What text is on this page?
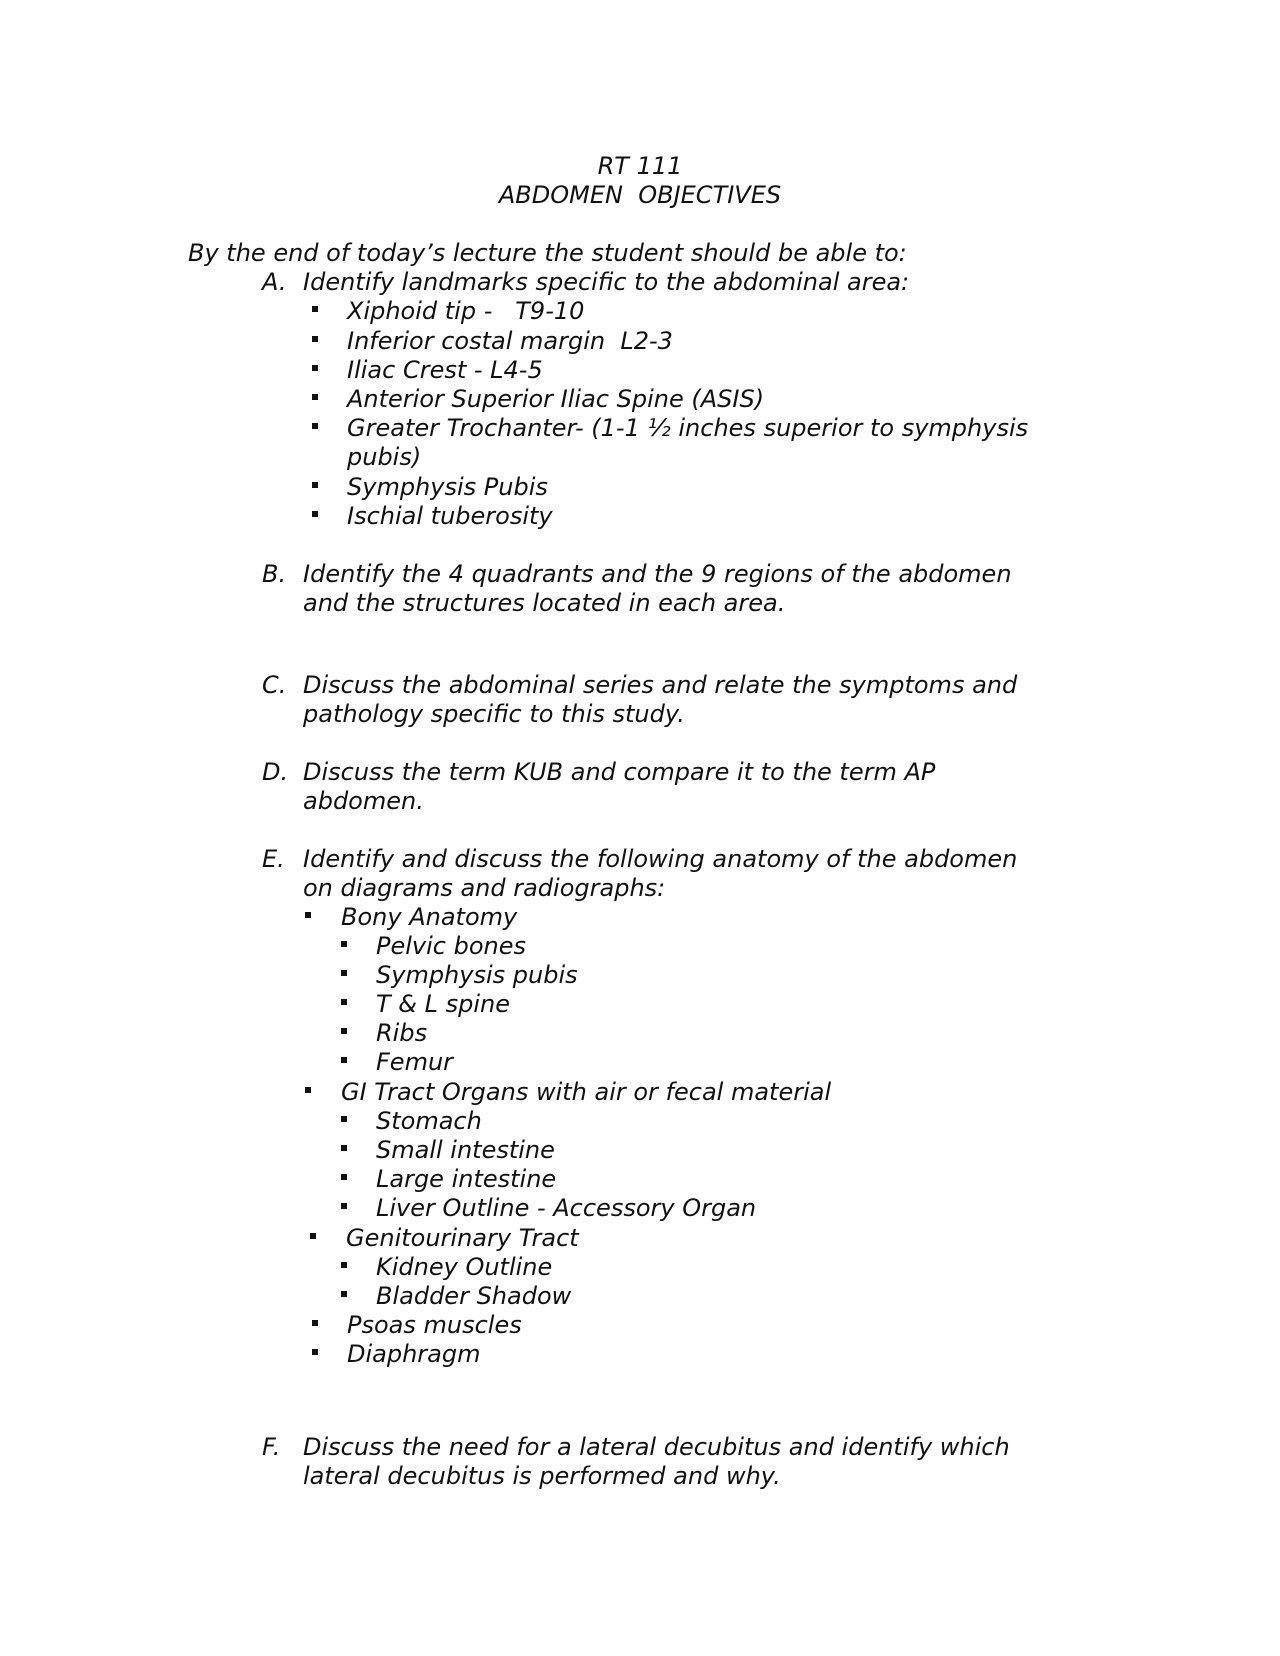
RT 111
ABDOMEN  OBJECTIVES
By the end of today’s lecture the student should be able to:
A. Identify landmarks specific to the abdominal area:
Xiphoid tip -   T9-10
Inferior costal margin  L2-3
Iliac Crest - L4-5
Anterior Superior Iliac Spine (ASIS)
Greater Trochanter- (1-1 ½ inches superior to symphysis
pubis)
Symphysis Pubis
Ischial tuberosity
B. Identify the 4 quadrants and the 9 regions of the abdomen
and the structures located in each area.
C. Discuss the abdominal series and relate the symptoms and
pathology specific to this study.
D. Discuss the term KUB and compare it to the term AP
abdomen.
E. Identify and discuss the following anatomy of the abdomen
on diagrams and radiographs:
Bony Anatomy
Pelvic bones
Symphysis pubis
T & L spine
Ribs
Femur
GI Tract Organs with air or fecal material
Stomach
Small intestine
Large intestine
Liver Outline - Accessory Organ
Genitourinary Tract
Kidney Outline
Bladder Shadow
Psoas muscles
Diaphragm
F. Discuss the need for a lateral decubitus and identify which
lateral decubitus is performed and why.
